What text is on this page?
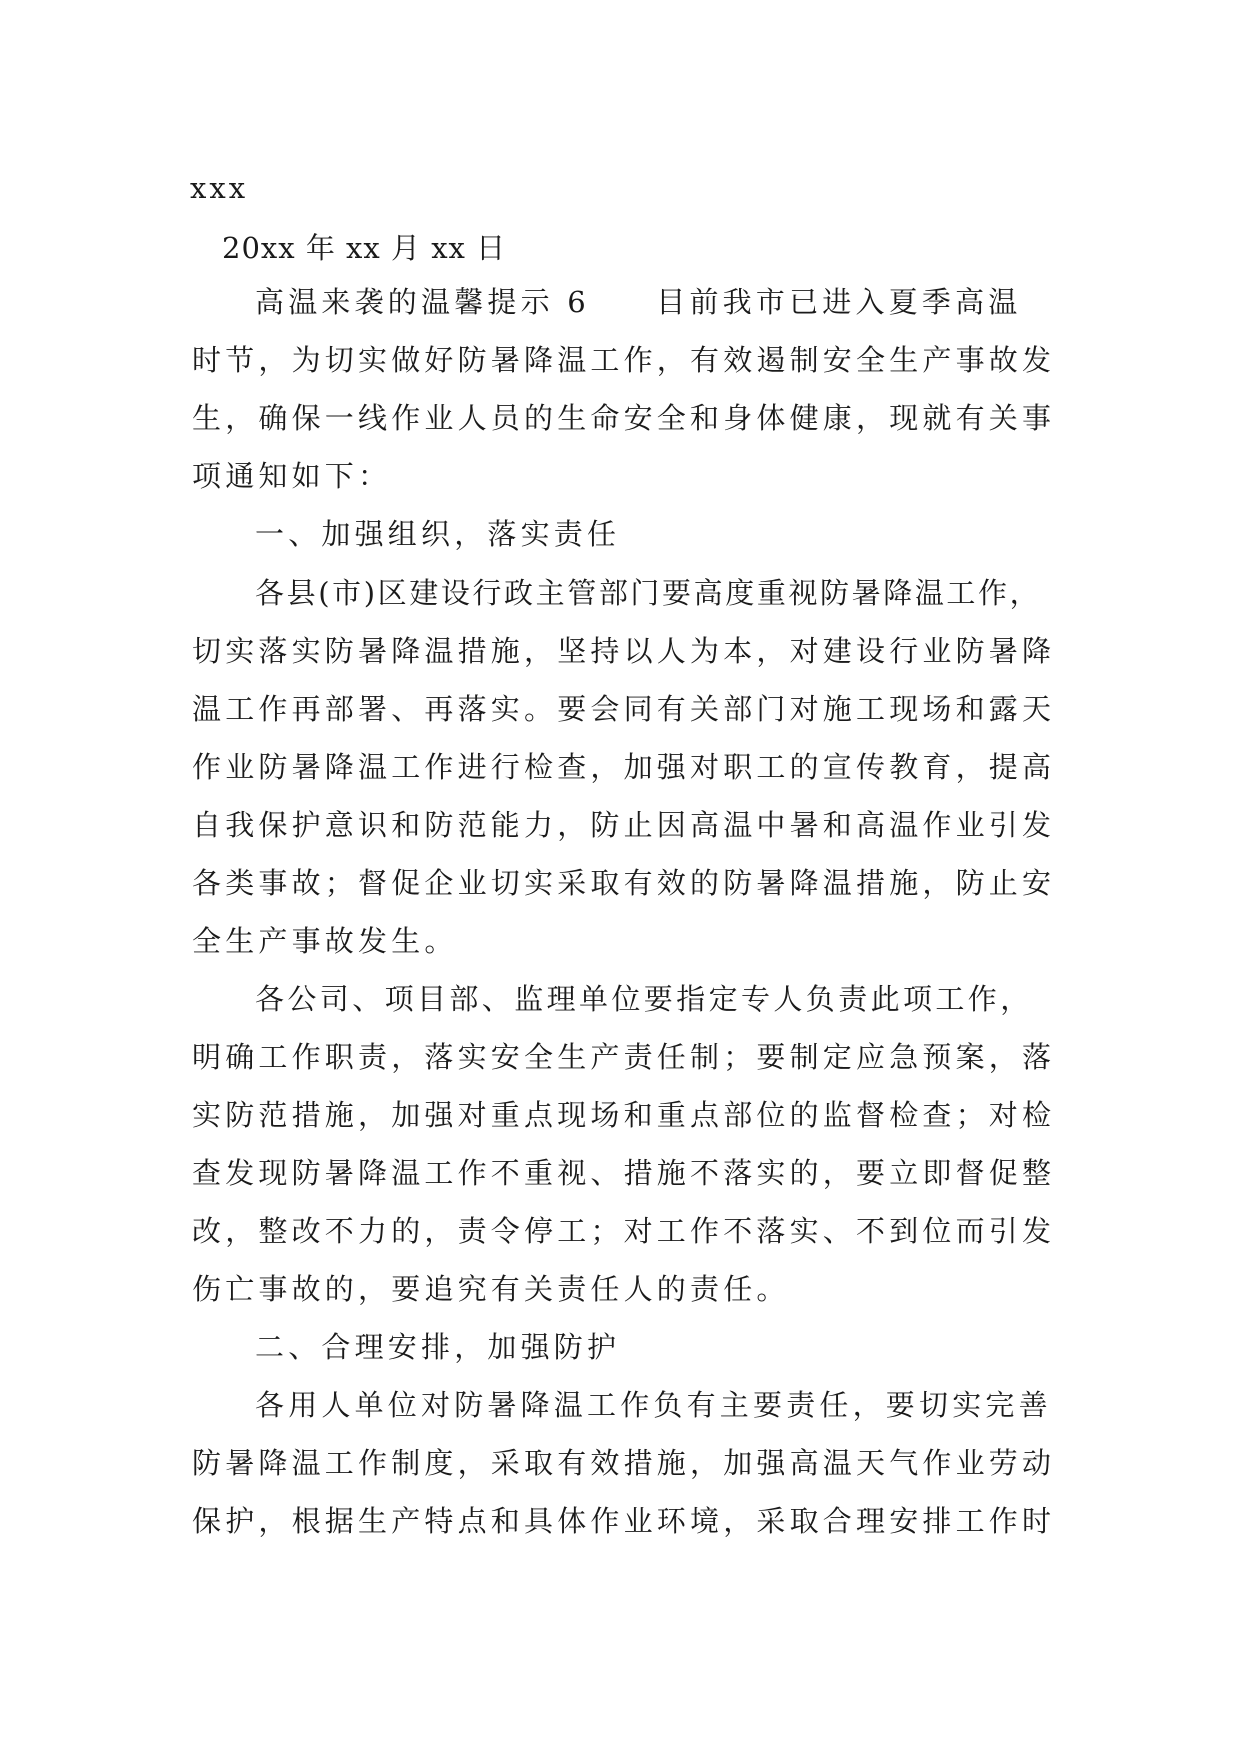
xxx
20xx 年 xx 月 xx 日
高温来袭的温馨提示 6　　目前我市已进入夏季高温
时节，为切实做好防暑降温工作，有效遏制安全生产事故发
生，确保一线作业人员的生命安全和身体健康，现就有关事
项通知如下：
一、加强组织，落实责任
各县(市)区建设行政主管部门要高度重视防暑降温工作，
切实落实防暑降温措施，坚持以人为本，对建设行业防暑降
温工作再部署、再落实。要会同有关部门对施工现场和露天
作业防暑降温工作进行检查，加强对职工的宣传教育，提高
自我保护意识和防范能力，防止因高温中暑和高温作业引发
各类事故；督促企业切实采取有效的防暑降温措施，防止安
全生产事故发生。
各公司、项目部、监理单位要指定专人负责此项工作，
明确工作职责，落实安全生产责任制；要制定应急预案，落
实防范措施，加强对重点现场和重点部位的监督检查；对检
查发现防暑降温工作不重视、措施不落实的，要立即督促整
改，整改不力的，责令停工；对工作不落实、不到位而引发
伤亡事故的，要追究有关责任人的责任。
二、合理安排，加强防护
各用人单位对防暑降温工作负有主要责任，要切实完善
防暑降温工作制度，采取有效措施，加强高温天气作业劳动
保护，根据生产特点和具体作业环境，采取合理安排工作时
